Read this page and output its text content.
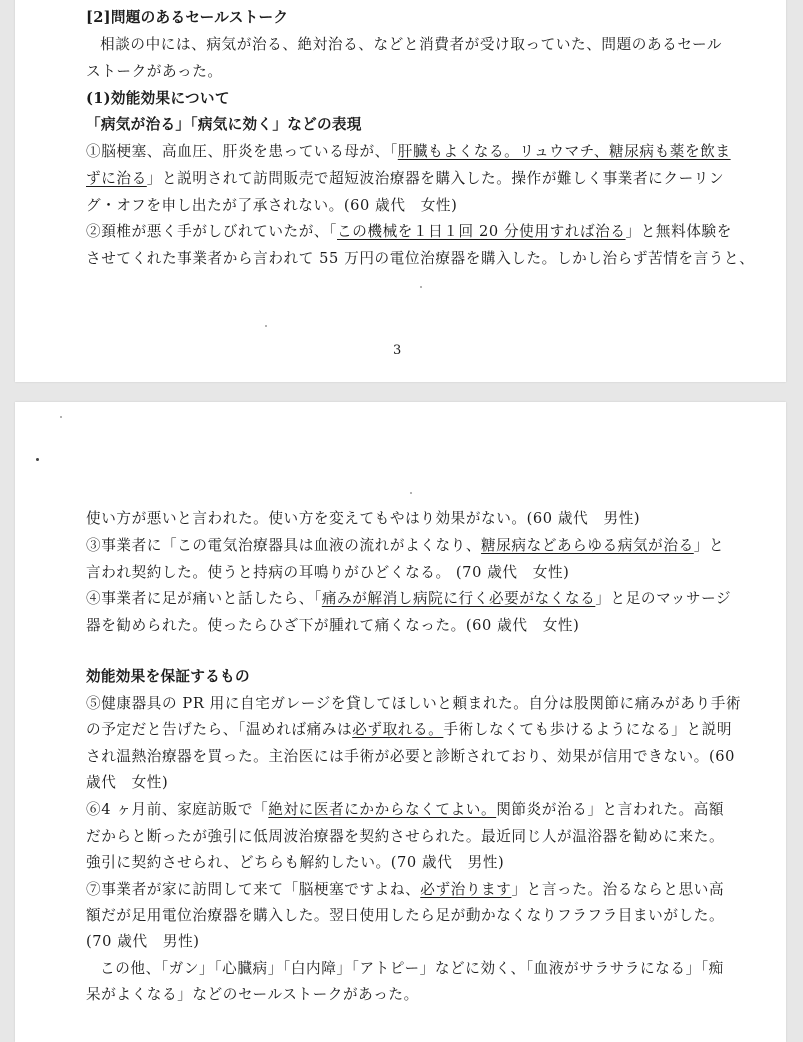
[2]問題のあるセールストーク
相談の中には、病気が治る、絶対治る、などと消費者が受け取っていた、問題のあるセール
ストークがあった。
(1)効能効果について
「病気が治る」「病気に効く」などの表現
①脳梗塞、高血圧、肝炎を患っている母が、「肝臓もよくなる。リュウマチ、糖尿病も薬を飲ま
ずに治る」と説明されて訪問販売で超短波治療器を購入した。操作が難しく事業者にクーリン
グ・オフを申し出たが了承されない。(60 歳代　女性)
②頚椎が悪く手がしびれていたが、「この機械を１日１回 20 分使用すれば治る」と無料体験を
させてくれた事業者から言われて 55 万円の電位治療器を購入した。しかし治らず苦情を言うと、
3
使い方が悪いと言われた。使い方を変えてもやはり効果がない。(60 歳代　男性)
③事業者に「この電気治療器具は血液の流れがよくなり、糖尿病などあらゆる病気が治る」と
言われ契約した。使うと持病の耳鳴りがひどくなる。 (70 歳代　女性)
④事業者に足が痛いと話したら、「痛みが解消し病院に行く必要がなくなる」と足のマッサージ
器を勧められた。使ったらひざ下が腫れて痛くなった。(60 歳代　女性)
効能効果を保証するもの
⑤健康器具の PR 用に自宅ガレージを貸してほしいと頼まれた。自分は股関節に痛みがあり手術
の予定だと告げたら、「温めれば痛みは必ず取れる。手術しなくても歩けるようになる」と説明
され温熱治療器を買った。主治医には手術が必要と診断されており、効果が信用できない。(60
歳代　女性)
⑥4 ヶ月前、家庭訪販で「絶対に医者にかからなくてよい。関節炎が治る」と言われた。高額
だからと断ったが強引に低周波治療器を契約させられた。最近同じ人が温浴器を勧めに来た。
強引に契約させられ、どちらも解約したい。(70 歳代　男性)
⑦事業者が家に訪問して来て「脳梗塞ですよね、必ず治ります」と言った。治るならと思い高
額だが足用電位治療器を購入した。翌日使用したら足が動かなくなりフラフラ目まいがした。
(70 歳代　男性)
この他、「ガン」「心臓病」「白内障」「アトピー」などに効く、「血液がサラサラになる」「痴
呆がよくなる」などのセールストークがあった。
